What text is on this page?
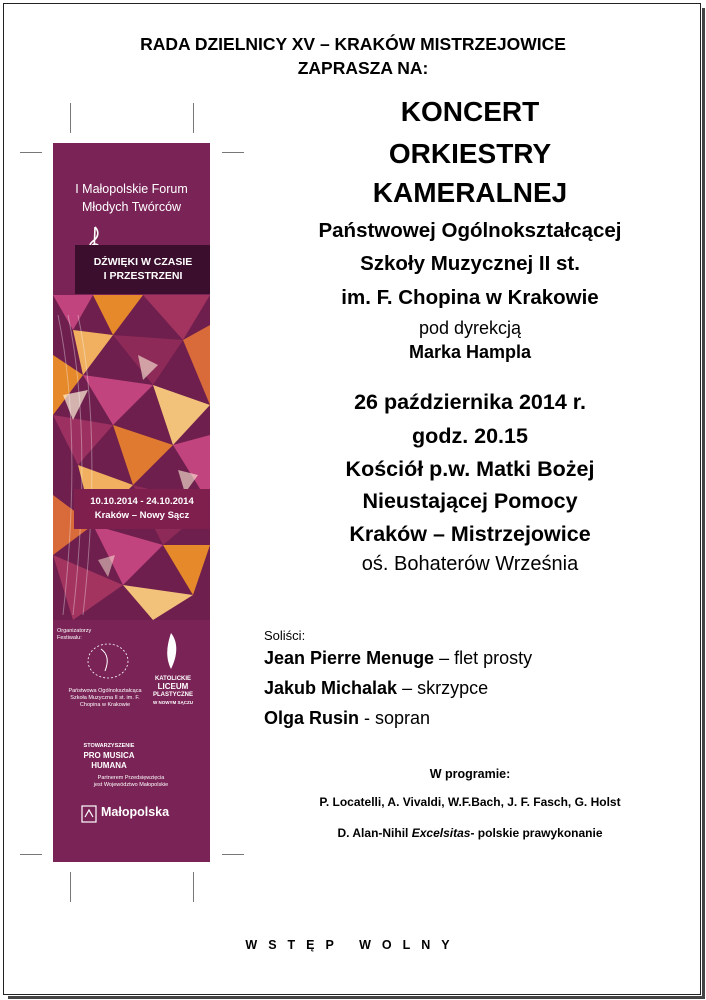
RADA DZIELNICY XV – KRAKÓW MISTRZEJOWICE
ZAPRASZA NA:
I Małopolskie Forum
Młodych Twórców
DŹWIĘKI W CZASIE
I PRZESTRZENI
10.10.2014 - 24.10.2014
Kraków – Nowy Sącz
Organizatorzy Festiwalu:
Państwowa Ogólnokształcąca Szkoła Muzyczna II st. im. F. Chopina w Krakowie
KATOLICKIE
LICEUM
PLASTYCZNE
W NOWYM SĄCZU
STOWARZYSZENIE
PRO MUSICA
HUMANA
Partnerem Przedsięwzięcia
jest Województwo Małopolskie
Małopolska
KONCERT
ORKIESTRY
KAMERALNEJ
Państwowej Ogólnokształcącej
Szkoły Muzycznej II st.
im. F. Chopina w Krakowie
pod dyrekcją
Marka Hampla
26 października 2014 r.
godz. 20.15
Kościół p.w. Matki Bożej
Nieustającej Pomocy
Kraków – Mistrzejowice
oś. Bohaterów Września
Soliści:
Jean Pierre Menuge – flet prosty
Jakub Michalak – skrzypce
Olga Rusin - sopran
W programie:
P. Locatelli, A. Vivaldi, W.F.Bach, J. F. Fasch, G. Holst
D. Alan-Nihil Excelsitas- polskie prawykonanie
WSTĘP WOLNY
